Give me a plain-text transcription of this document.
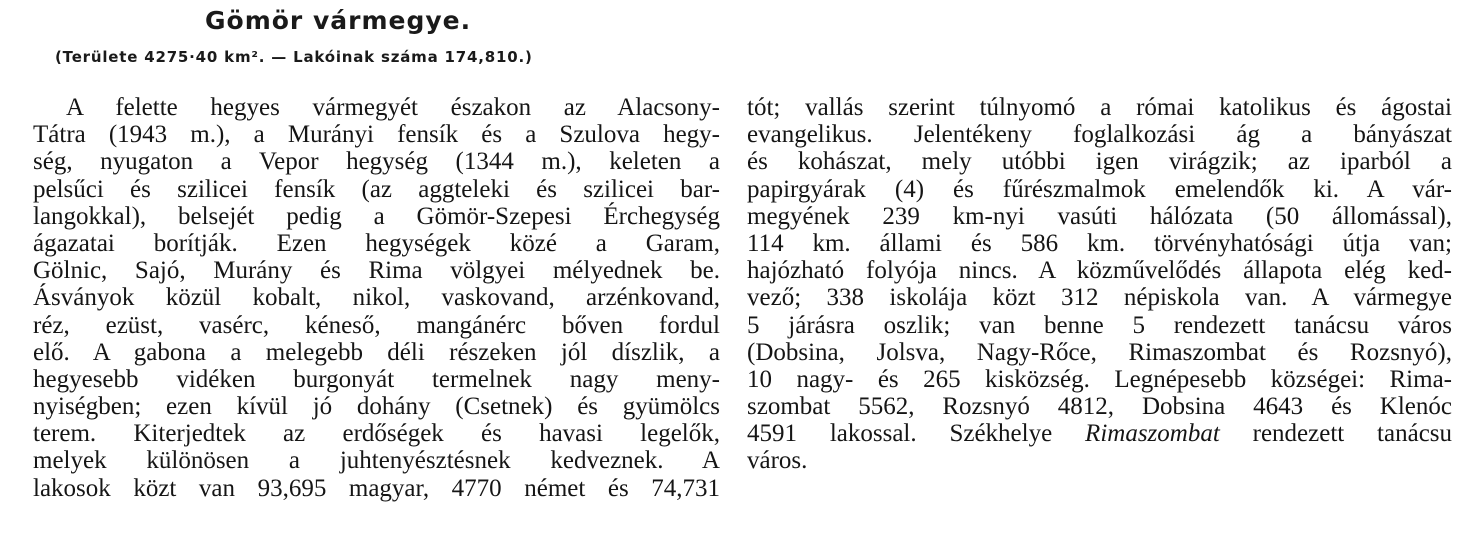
Gömör vármegye.

(Területe 4275·40 km². — Lakóinak száma 174,810.)

A felette hegyes vármegyét északon az Alacsony-
Tátra (1943 m.), a Murányi fensík és a Szulova hegy-
ség, nyugaton a Vepor hegység (1344 m.), keleten a
pelsűci és szilicei fensík (az aggteleki és szilicei bar-
langokkal), belsejét pedig a Gömör-Szepesi Érchegység
ágazatai borítják. Ezen hegységek közé a Garam,
Gölnic, Sajó, Murány és Rima völgyei mélyednek be.
Ásványok közül kobalt, nikol, vaskovand, arzénkovand,
réz, ezüst, vasérc, kéneső, mangánérc bőven fordul
elő. A gabona a melegebb déli részeken jól díszlik, a
hegyesebb vidéken burgonyát termelnek nagy meny-
nyiségben; ezen kívül jó dohány (Csetnek) és gyümölcs
terem. Kiterjedtek az erdőségek és havasi legelők,
melyek különösen a juhtenyésztésnek kedveznek. A
lakosok közt van 93,695 magyar, 4770 német és 74,731
tót; vallás szerint túlnyomó a római katolikus és ágostai
evangelikus. Jelentékeny foglalkozási ág a bányászat
és kohászat, mely utóbbi igen virágzik; az iparból a
papirgyárak (4) és fűrészmalmok emelendők ki. A vár-
megyének 239 km-nyi vasúti hálózata (50 állomással),
114 km. állami és 586 km. törvényhatósági útja van;
hajózható folyója nincs. A közművelődés állapota elég ked-
vező; 338 iskolája közt 312 népiskola van. A vármegye
5 járásra oszlik; van benne 5 rendezett tanácsu város
(Dobsina, Jolsva, Nagy-Rőce, Rimaszombat és Rozsnyó),
10 nagy- és 265 kisközség. Legnépesebb községei: Rima-
szombat 5562, Rozsnyó 4812, Dobsina 4643 és Klenóc
4591 lakossal. Székhelye Rimaszombat rendezett tanácsu
város.
